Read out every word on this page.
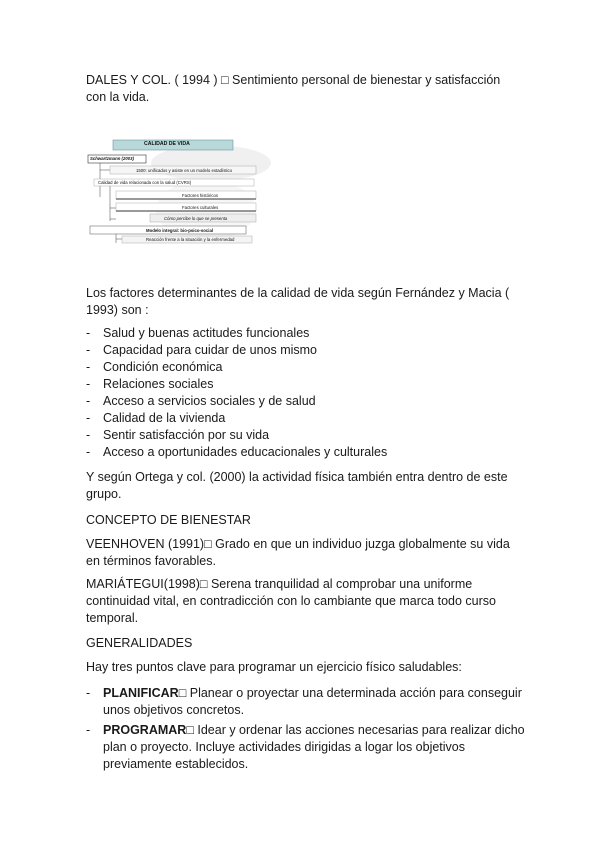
DALES Y COL. ( 1994 ) □ Sentimiento personal de bienestar y satisfacción con la vida.

CALIDAD DE VIDA
Schwartzmann (2003)
1500: unificados y asiste en un modelo estadístico
Calidad de vida relacionada con la salud (CVRS)
Factores históricos
Factores culturales
Cómo percibe lo que se presenta
Modelo integral: bio-psico-social
Reacción frente a la situación y la enfermedad

Los factores determinantes de la calidad de vida según Fernández y Macia ( 1993) son :

- Salud y buenas actitudes funcionales
- Capacidad para cuidar de unos mismo
- Condición económica
- Relaciones sociales
- Acceso a servicios sociales y de salud
- Calidad de la vivienda
- Sentir satisfacción por su vida
- Acceso a oportunidades educacionales y culturales

Y según Ortega y col. (2000) la actividad física también entra dentro de este grupo.

CONCEPTO DE BIENESTAR

VEENHOVEN (1991)□ Grado en que un individuo juzga globalmente su vida en términos favorables.

MARIÁTEGUI(1998)□ Serena tranquilidad al comprobar una uniforme continuidad vital, en contradicción con lo cambiante que marca todo curso temporal.

GENERALIDADES

Hay tres puntos clave para programar un ejercicio físico saludables:

- PLANIFICAR□ Planear o proyectar una determinada acción para conseguir unos objetivos concretos.
- PROGRAMAR□ Idear y ordenar las acciones necesarias para realizar dicho plan o proyecto. Incluye actividades dirigidas a logar los objetivos previamente establecidos.
